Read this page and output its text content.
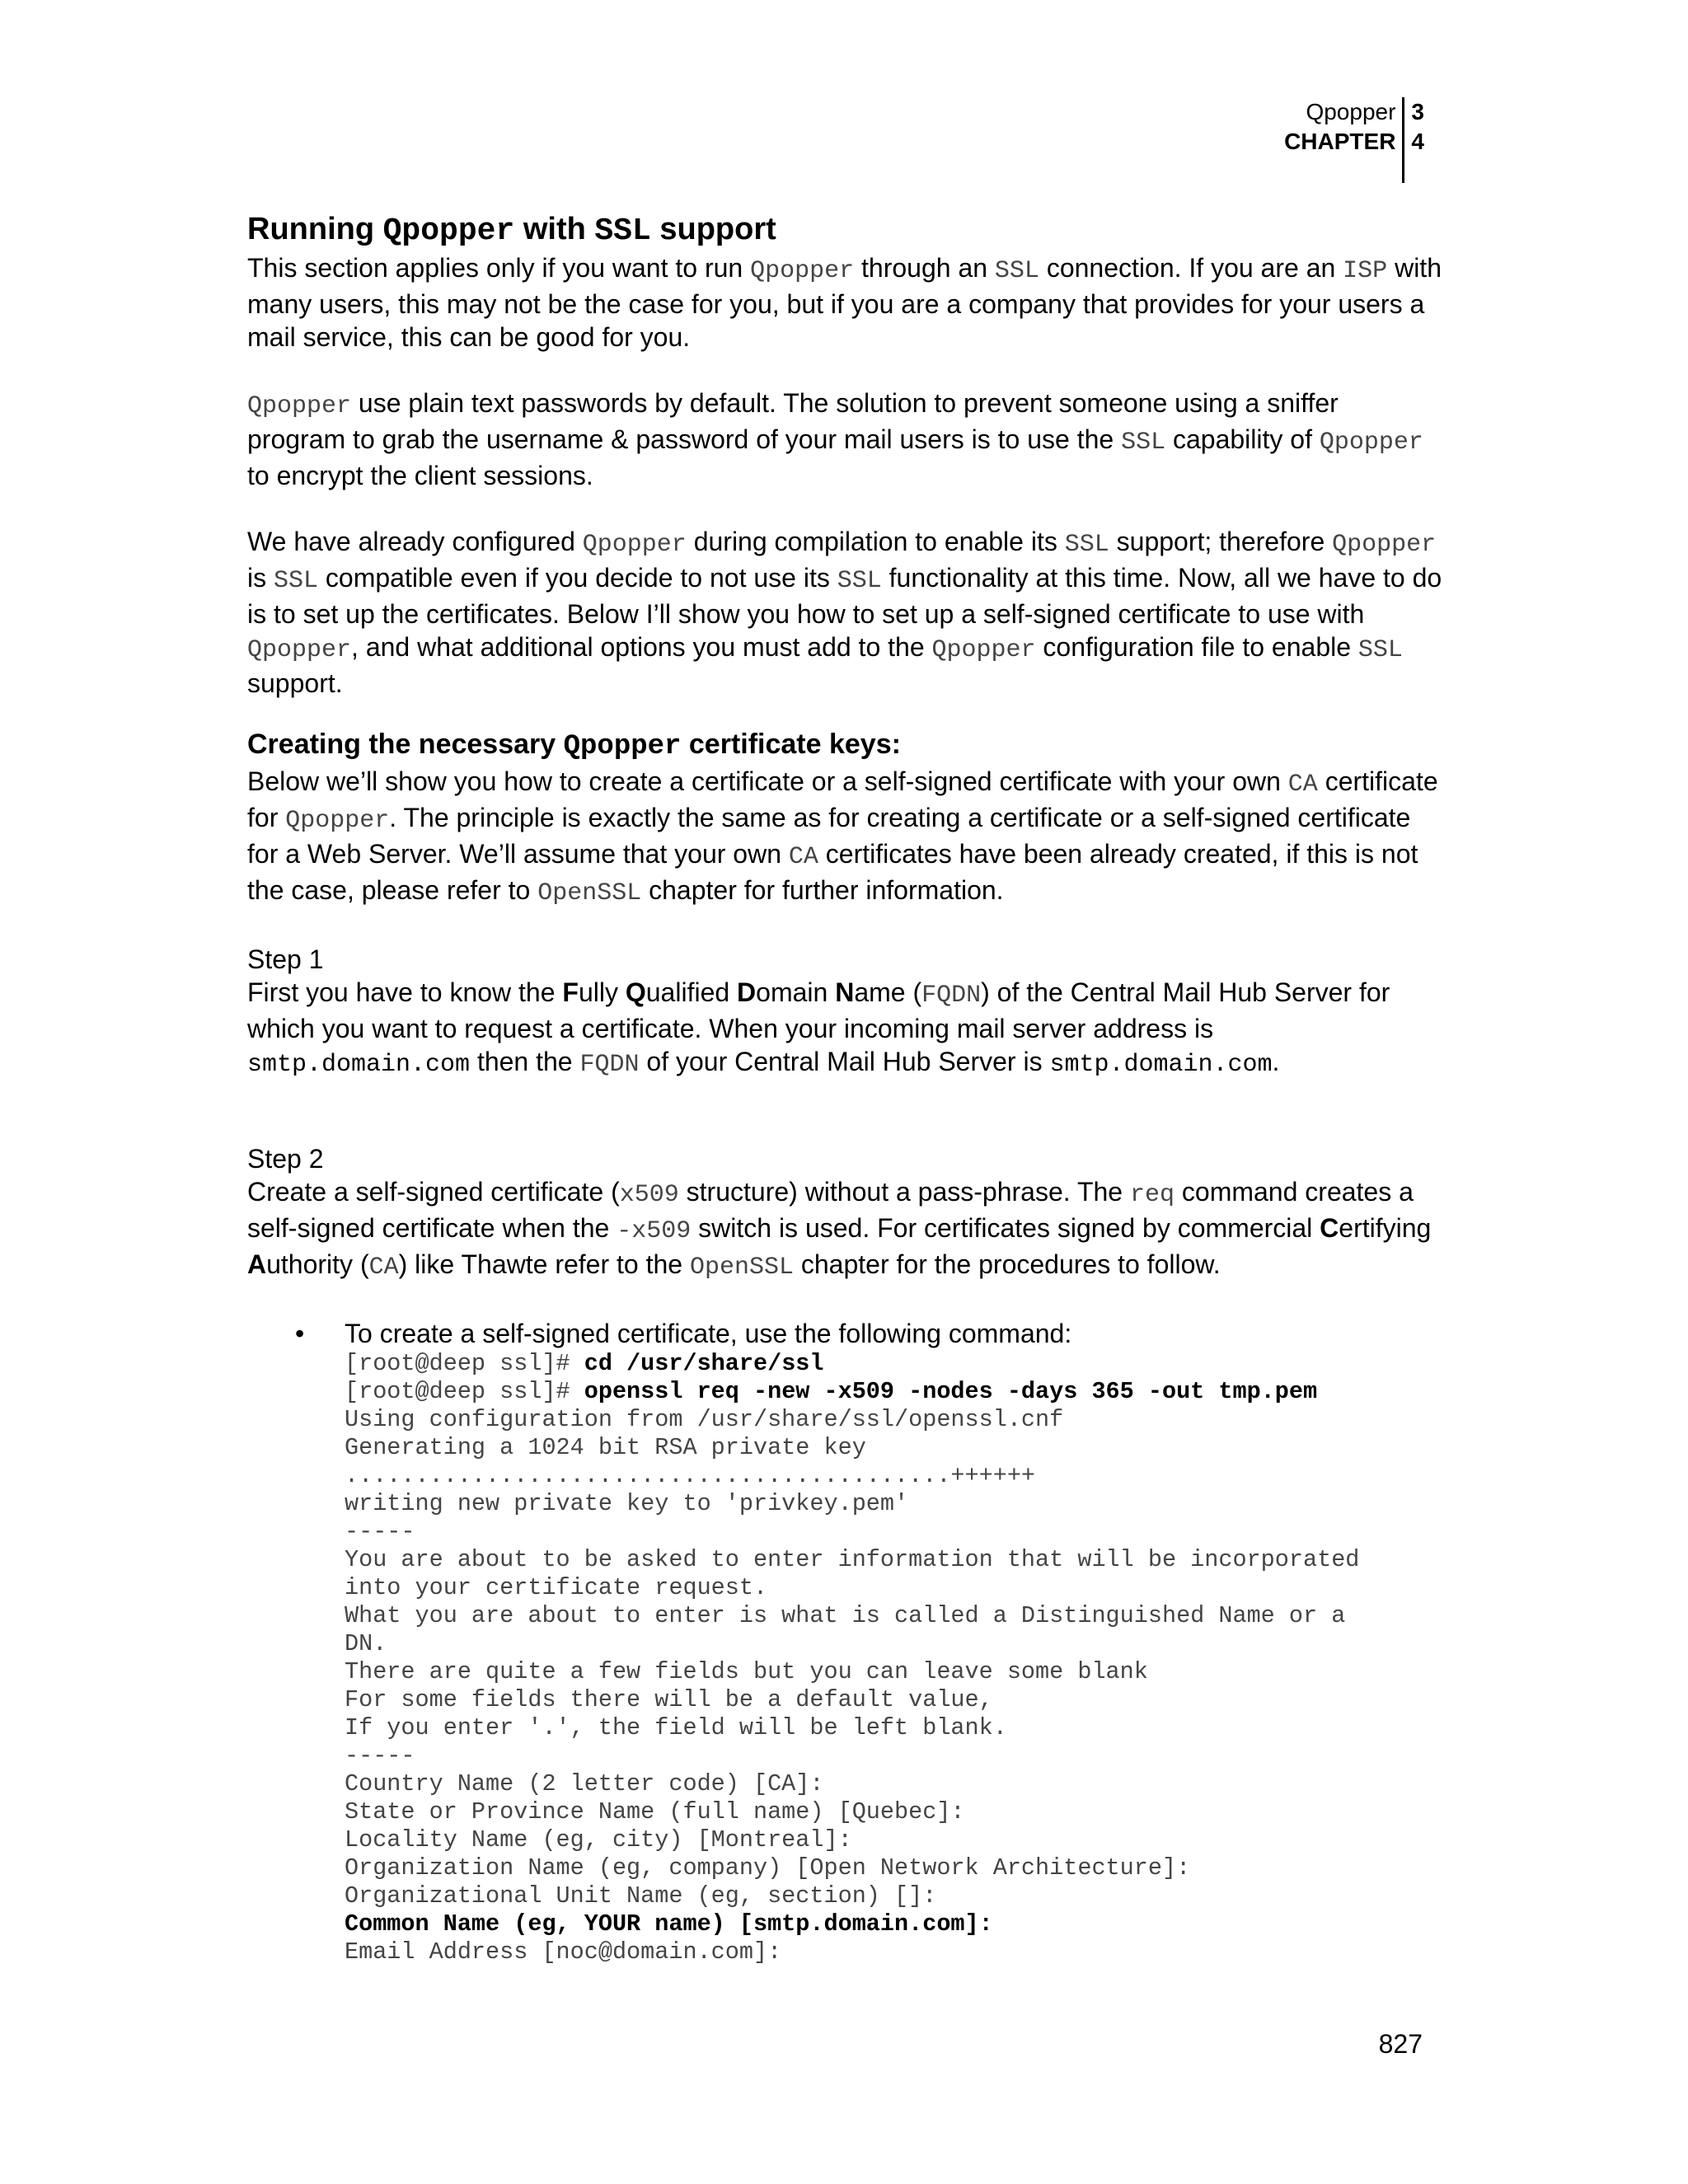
Qpopper
CHAPTER
3
4
Running Qpopper with SSL support

This section applies only if you want to run Qpopper through an SSL connection. If you are an ISP with many users, this may not be the case for you, but if you are a company that provides for your users a mail service, this can be good for you.

Qpopper use plain text passwords by default. The solution to prevent someone using a sniffer program to grab the username & password of your mail users is to use the SSL capability of Qpopper to encrypt the client sessions.

We have already configured Qpopper during compilation to enable its SSL support; therefore Qpopper is SSL compatible even if you decide to not use its SSL functionality at this time. Now, all we have to do is to set up the certificates. Below I’ll show you how to set up a self-signed certificate to use with Qpopper, and what additional options you must add to the Qpopper configuration file to enable SSL support.

Creating the necessary Qpopper certificate keys:

Below we’ll show you how to create a certificate or a self-signed certificate with your own CA certificate for Qpopper. The principle is exactly the same as for creating a certificate or a self-signed certificate for a Web Server. We’ll assume that your own CA certificates have been already created, if this is not the case, please refer to OpenSSL chapter for further information.

Step 1

First you have to know the Fully Qualified Domain Name (FQDN) of the Central Mail Hub Server for which you want to request a certificate. When your incoming mail server address is smtp.domain.com then the FQDN of your Central Mail Hub Server is smtp.domain.com.

Step 2

Create a self-signed certificate (x509 structure) without a pass-phrase. The req command creates a self-signed certificate when the -x509 switch is used. For certificates signed by commercial Certifying Authority (CA) like Thawte refer to the OpenSSL chapter for the procedures to follow.

•	To create a self-signed certificate, use the following command:

[root@deep ssl]# cd /usr/share/ssl
[root@deep ssl]# openssl req -new -x509 -nodes -days 365 -out tmp.pem
Using configuration from /usr/share/ssl/openssl.cnf
Generating a 1024 bit RSA private key
...........................................++++++
writing new private key to 'privkey.pem'
-----
You are about to be asked to enter information that will be incorporated
into your certificate request.
What you are about to enter is what is called a Distinguished Name or a
DN.
There are quite a few fields but you can leave some blank
For some fields there will be a default value,
If you enter '.', the field will be left blank.
-----
Country Name (2 letter code) [CA]:
State or Province Name (full name) [Quebec]:
Locality Name (eg, city) [Montreal]:
Organization Name (eg, company) [Open Network Architecture]:
Organizational Unit Name (eg, section) []:
Common Name (eg, YOUR name) [smtp.domain.com]:
Email Address [noc@domain.com]:
827
